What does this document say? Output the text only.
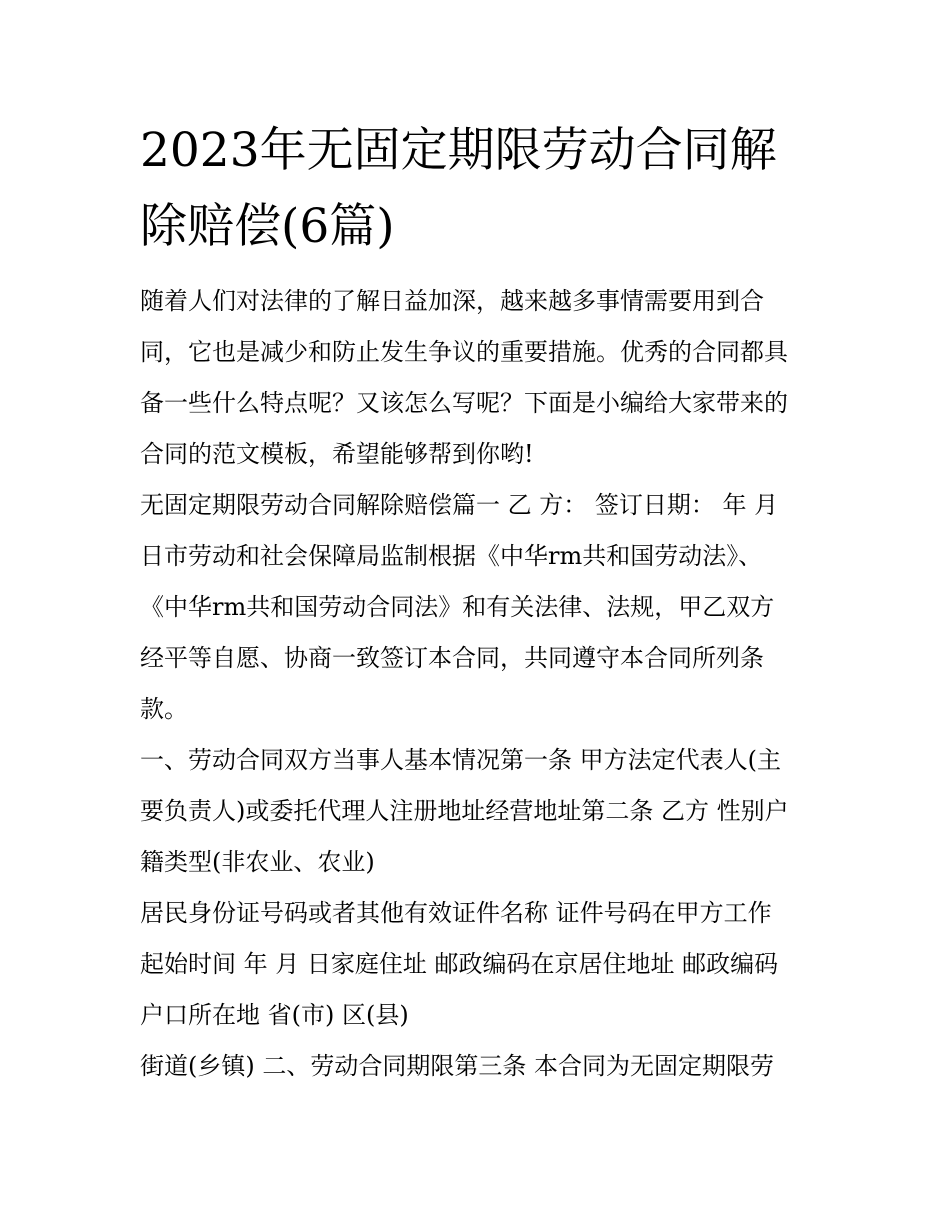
2023年无固定期限劳动合同解
除赔偿(6篇)
随着人们对法律的了解日益加深，越来越多事情需要用到合
同，它也是减少和防止发生争议的重要措施。优秀的合同都具
备一些什么特点呢？又该怎么写呢？下面是小编给大家带来的
合同的范文模板，希望能够帮到你哟!
无固定期限劳动合同解除赔偿篇一 乙 方： 签订日期： 年 月
日市劳动和社会保障局监制根据《中华rm共和国劳动法》、
《中华rm共和国劳动合同法》和有关法律、法规，甲乙双方
经平等自愿、协商一致签订本合同，共同遵守本合同所列条
款。
一、劳动合同双方当事人基本情况第一条 甲方法定代表人(主
要负责人)或委托代理人注册地址经营地址第二条 乙方 性别户
籍类型(非农业、农业)
居民身份证号码或者其他有效证件名称 证件号码在甲方工作
起始时间 年 月 日家庭住址 邮政编码在京居住地址 邮政编码
户口所在地 省(市) 区(县)
街道(乡镇) 二、劳动合同期限第三条 本合同为无固定期限劳
